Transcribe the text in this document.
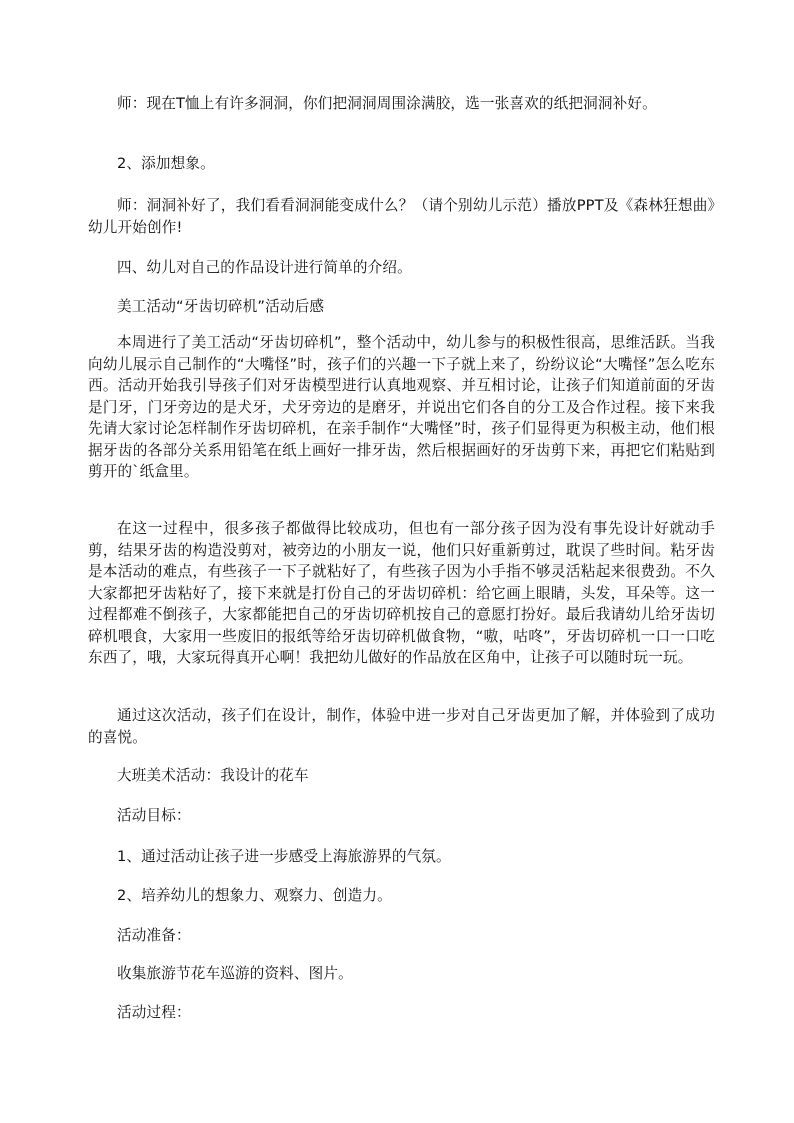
师：现在T恤上有许多洞洞，你们把洞洞周围涂满胶，选一张喜欢的纸把洞洞补好。

2、添加想象。

师：洞洞补好了，我们看看洞洞能变成什么？（请个别幼儿示范）播放PPT及《森林狂想曲》幼儿开始创作!

四、幼儿对自己的作品设计进行简单的介绍。

美工活动“牙齿切碎机”活动后感

本周进行了美工活动“牙齿切碎机”，整个活动中，幼儿参与的积极性很高，思维活跃。当我向幼儿展示自己制作的“大嘴怪”时，孩子们的兴趣一下子就上来了，纷纷议论“大嘴怪”怎么吃东西。活动开始我引导孩子们对牙齿模型进行认真地观察、并互相讨论，让孩子们知道前面的牙齿是门牙，门牙旁边的是犬牙，犬牙旁边的是磨牙，并说出它们各自的分工及合作过程。接下来我先请大家讨论怎样制作牙齿切碎机，在亲手制作“大嘴怪”时，孩子们显得更为积极主动，他们根据牙齿的各部分关系用铅笔在纸上画好一排牙齿，然后根据画好的牙齿剪下来，再把它们粘贴到剪开的`纸盒里。

在这一过程中，很多孩子都做得比较成功，但也有一部分孩子因为没有事先设计好就动手剪，结果牙齿的构造没剪对，被旁边的小朋友一说，他们只好重新剪过，耽误了些时间。粘牙齿是本活动的难点，有些孩子一下子就粘好了，有些孩子因为小手指不够灵活粘起来很费劲。不久大家都把牙齿粘好了，接下来就是打份自己的牙齿切碎机：给它画上眼睛，头发，耳朵等。这一过程都难不倒孩子，大家都能把自己的牙齿切碎机按自己的意愿打扮好。最后我请幼儿给牙齿切碎机喂食，大家用一些废旧的报纸等给牙齿切碎机做食物，“嗷，咕咚”，牙齿切碎机一口一口吃东西了，哦，大家玩得真开心啊！我把幼儿做好的作品放在区角中，让孩子可以随时玩一玩。

通过这次活动，孩子们在设计，制作，体验中进一步对自己牙齿更加了解，并体验到了成功的喜悦。

大班美术活动：我设计的花车

活动目标：

1、通过活动让孩子进一步感受上海旅游界的气氛。

2、培养幼儿的想象力、观察力、创造力。

活动准备：

收集旅游节花车巡游的资料、图片。

活动过程：
